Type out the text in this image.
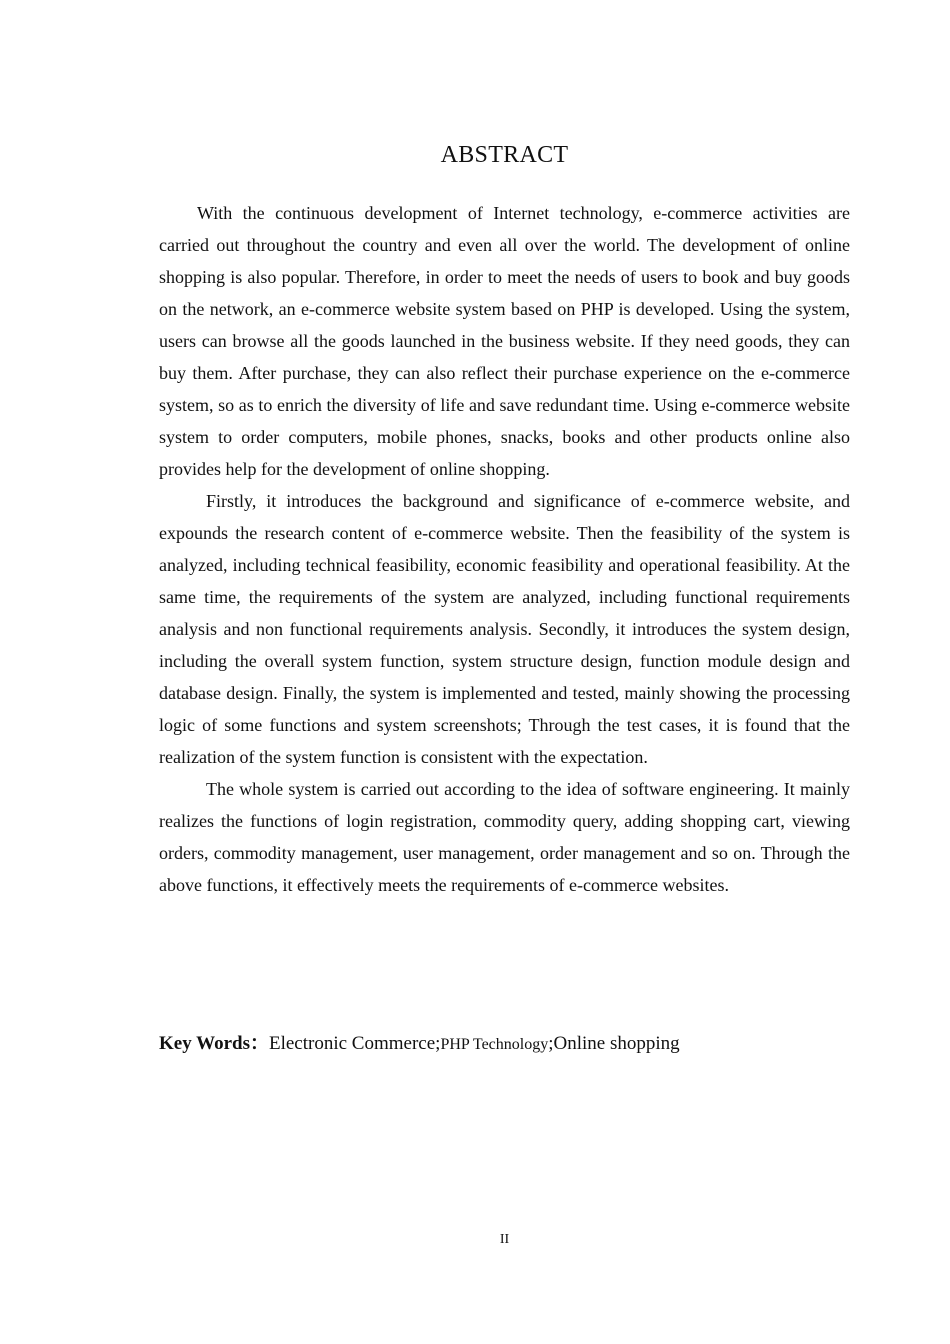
ABSTRACT

With the continuous development of Internet technology, e-commerce activities are carried out throughout the country and even all over the world. The development of online shopping is also popular. Therefore, in order to meet the needs of users to book and buy goods on the network, an e-commerce website system based on PHP is developed. Using the system, users can browse all the goods launched in the business website. If they need goods, they can buy them. After purchase, they can also reflect their purchase experience on the e-commerce system, so as to enrich the diversity of life and save redundant time. Using e-commerce website system to order computers, mobile phones, snacks, books and other products online also provides help for the development of online shopping.

Firstly, it introduces the background and significance of e-commerce website, and expounds the research content of e-commerce website. Then the feasibility of the system is analyzed, including technical feasibility, economic feasibility and operational feasibility. At the same time, the requirements of the system are analyzed, including functional requirements analysis and non functional requirements analysis. Secondly, it introduces the system design, including the overall system function, system structure design, function module design and database design. Finally, the system is implemented and tested, mainly showing the processing logic of some functions and system screenshots; Through the test cases, it is found that the realization of the system function is consistent with the expectation.

The whole system is carried out according to the idea of software engineering. It mainly realizes the functions of login registration, commodity query, adding shopping cart, viewing orders, commodity management, user management, order management and so on. Through the above functions, it effectively meets the requirements of e-commerce websites.

Key Words：Electronic Commerce;PHP Technology;Online shopping
II
